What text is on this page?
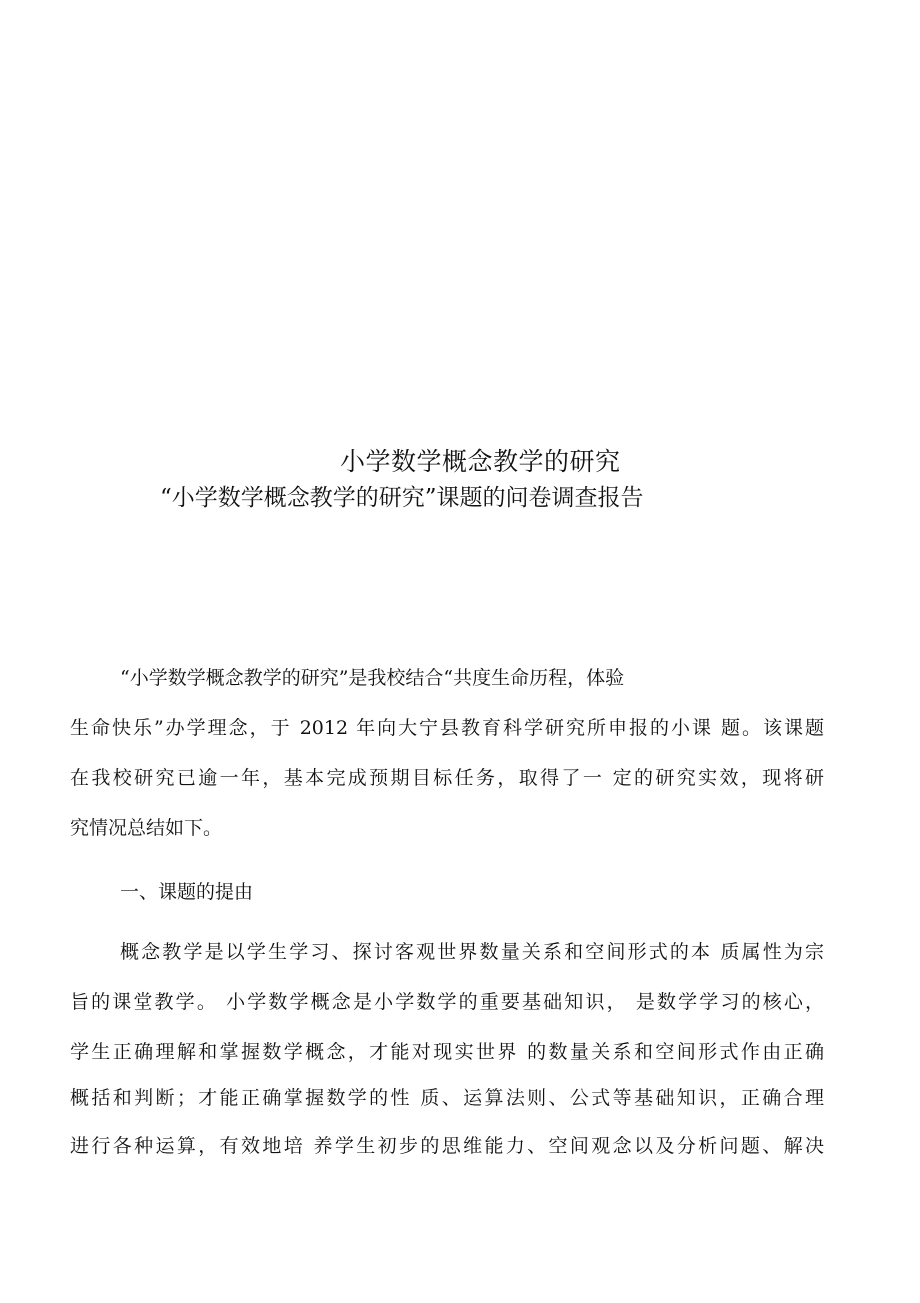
小学数学概念教学的研究
“小学数学概念教学的研究”课题的问卷调查报告
“小学数学概念教学的研究”是我校结合“共度生命历程，体验
生命快乐”办学理念，于 2012 年向大宁县教育科学研究所申报的小课 题。该课题
在我校研究已逾一年，基本完成预期目标任务，取得了一 定的研究实效，现将研
究情况总结如下。
一、课题的提由
概念教学是以学生学习、探讨客观世界数量关系和空间形式的本 质属性为宗
旨的课堂教学。 小学数学概念是小学数学的重要基础知识， 是数学学习的核心，
学生正确理解和掌握数学概念，才能对现实世界 的数量关系和空间形式作由正确
概括和判断；才能正确掌握数学的性 质、运算法则、公式等基础知识，正确合理
进行各种运算，有效地培 养学生初步的思维能力、空间观念以及分析问题、解决
